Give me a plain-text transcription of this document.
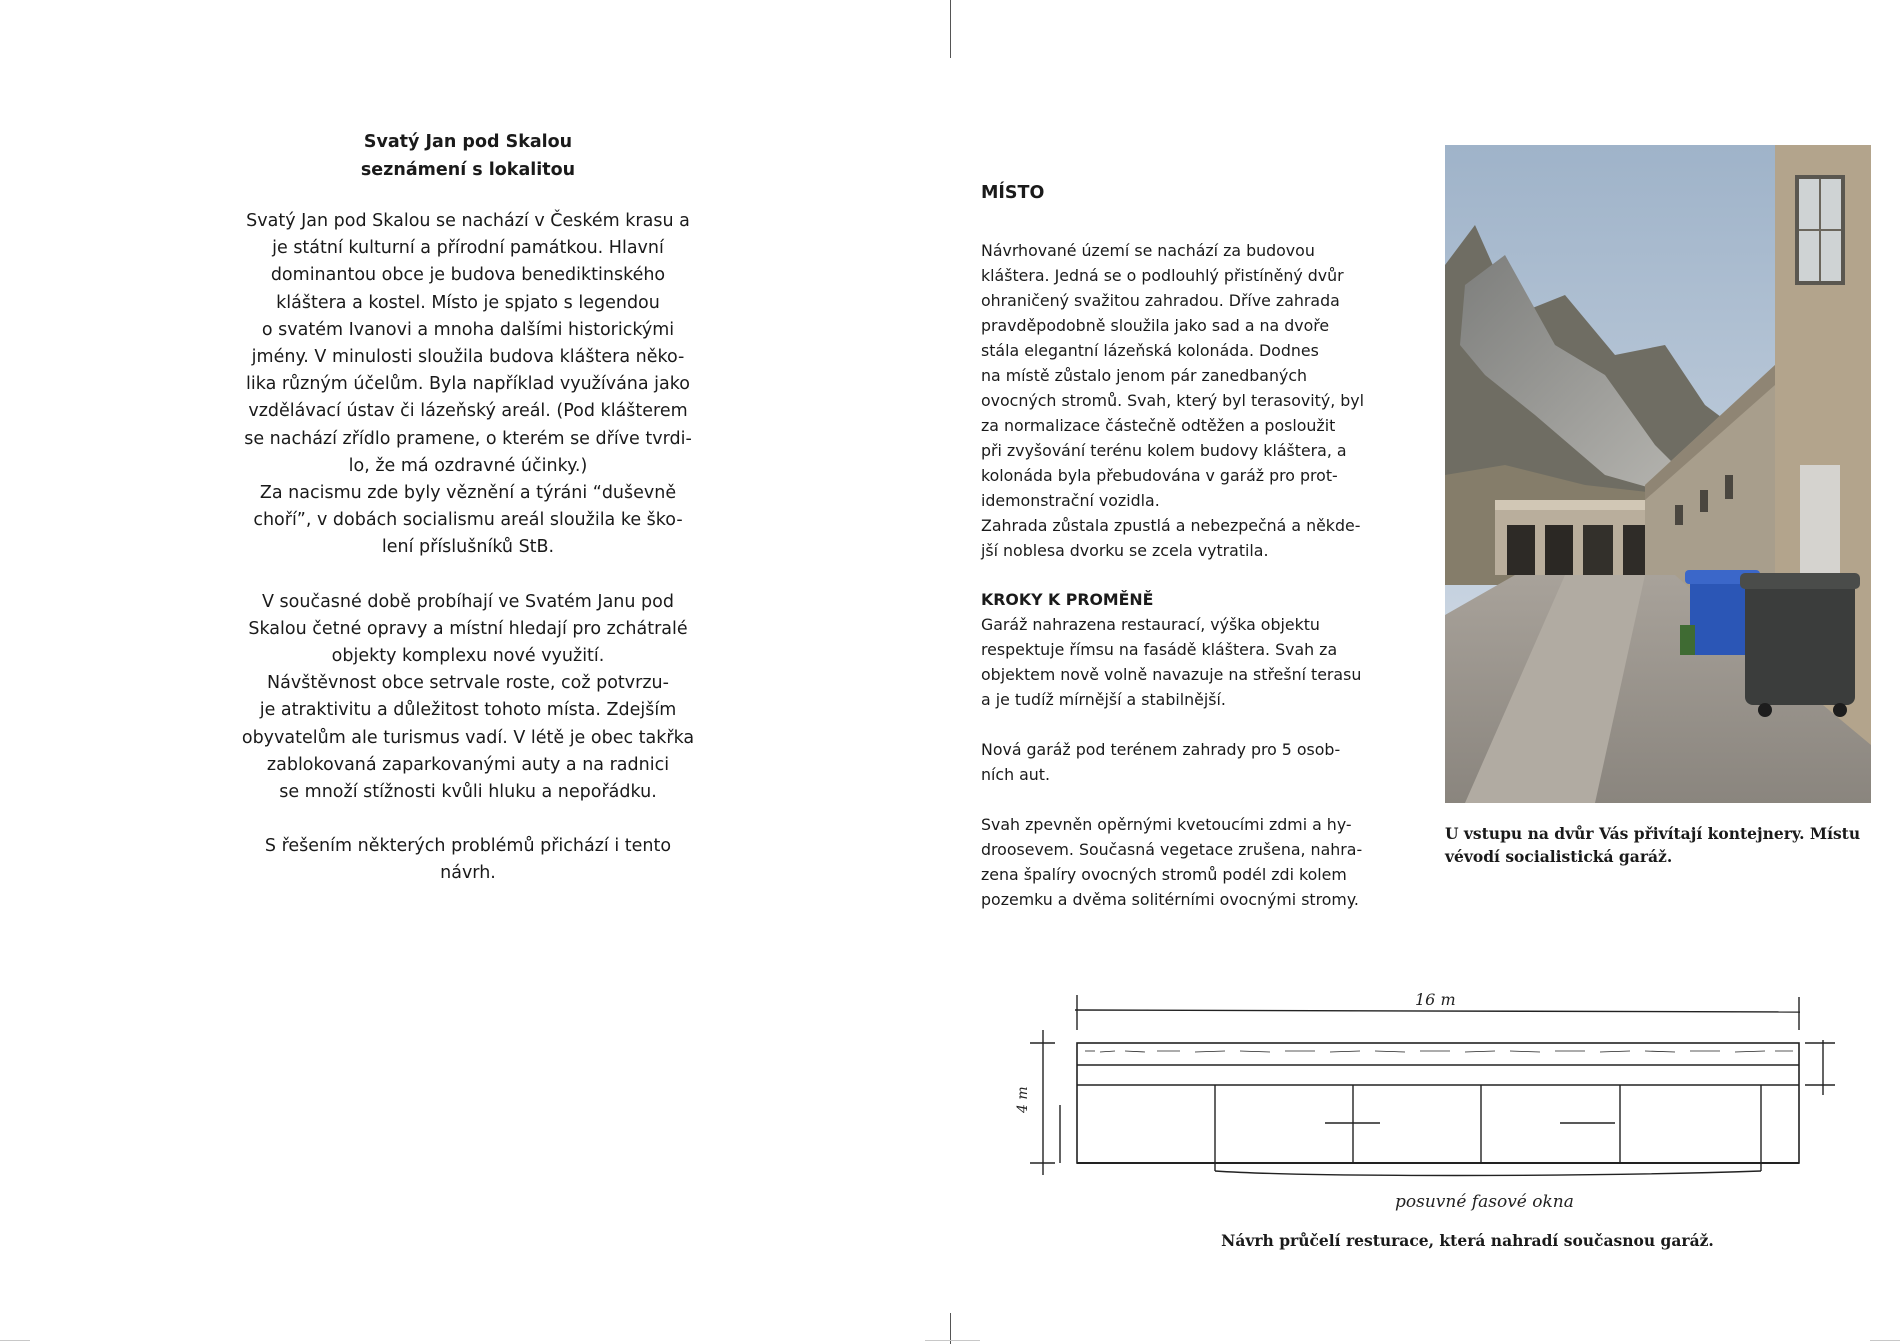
Svatý Jan pod Skalou
seznámení s lokalitou

Svatý Jan pod Skalou se nachází v Českém krasu a
je státní kulturní a přírodní památkou. Hlavní
dominantou obce je budova benediktinského
kláštera a kostel. Místo je spjato s legendou
o svatém Ivanovi a mnoha dalšími historickými
jmény. V minulosti sloužila budova kláštera něko-
lika různým účelům. Byla například využívána jako
vzdělávací ústav či lázeňský areál. (Pod klášterem
se nachází zřídlo pramene, o kterém se dříve tvrdi-
lo, že má ozdravné účinky.)
Za nacismu zde byly věznění a týráni “duševně
choří”, v dobách socialismu areál sloužila ke ško-
lení příslušníků StB.

V současné době probíhají ve Svatém Janu pod
Skalou četné opravy a místní hledají pro zchátralé
objekty komplexu nové využití.
Návštěvnost obce setrvale roste, což potvrzu-
je atraktivitu a důležitost tohoto místa. Zdejším
obyvatelům ale turismus vadí. V létě je obec takřka
zablokovaná zaparkovanými auty a na radnici
se množí stížnosti kvůli hluku a nepořádku.

S řešením některých problémů přichází i tento
návrh.

MÍSTO

Návrhované území se nachází za budovou
kláštera. Jedná se o podlouhlý přistíněný dvůr
ohraničený svažitou zahradou. Dříve zahrada
pravděpodobně sloužila jako sad a na dvoře
stála elegantní lázeňská kolonáda. Dodnes
na místě zůstalo jenom pár zanedbaných
ovocných stromů. Svah, který byl terasovitý, byl
za normalizace částečně odtěžen a posloužit
při zvyšování terénu kolem budovy kláštera, a
kolonáda byla přebudována v garáž pro prot-
idemonstrační vozidla.
Zahrada zůstala zpustlá a nebezpečná a někde-
jší noblesa dvorku se zcela vytratila.

KROKY K PROMĚNĚ

Garáž nahrazena restaurací, výška objektu
respektuje římsu na fasádě kláštera. Svah za
objektem nově volně navazuje na střešní terasu
a je tudíž mírnější a stabilnější.

Nová garáž pod terénem zahrady pro 5 osob-
ních aut.

Svah zpevněn opěrnými kvetoucími zdmi a hy-
droosevem. Současná vegetace zrušena, nahra-
zena špalíry ovocných stromů podél zdi kolem
pozemku a dvěma solitérními ovocnými stromy.

U vstupu na dvůr Vás přivítají kontejnery. Místu vévodí socialistická garáž.

16 m
4 m
posuvné fasové okna

Návrh průčelí resturace, která nahradí současnou garáž.
